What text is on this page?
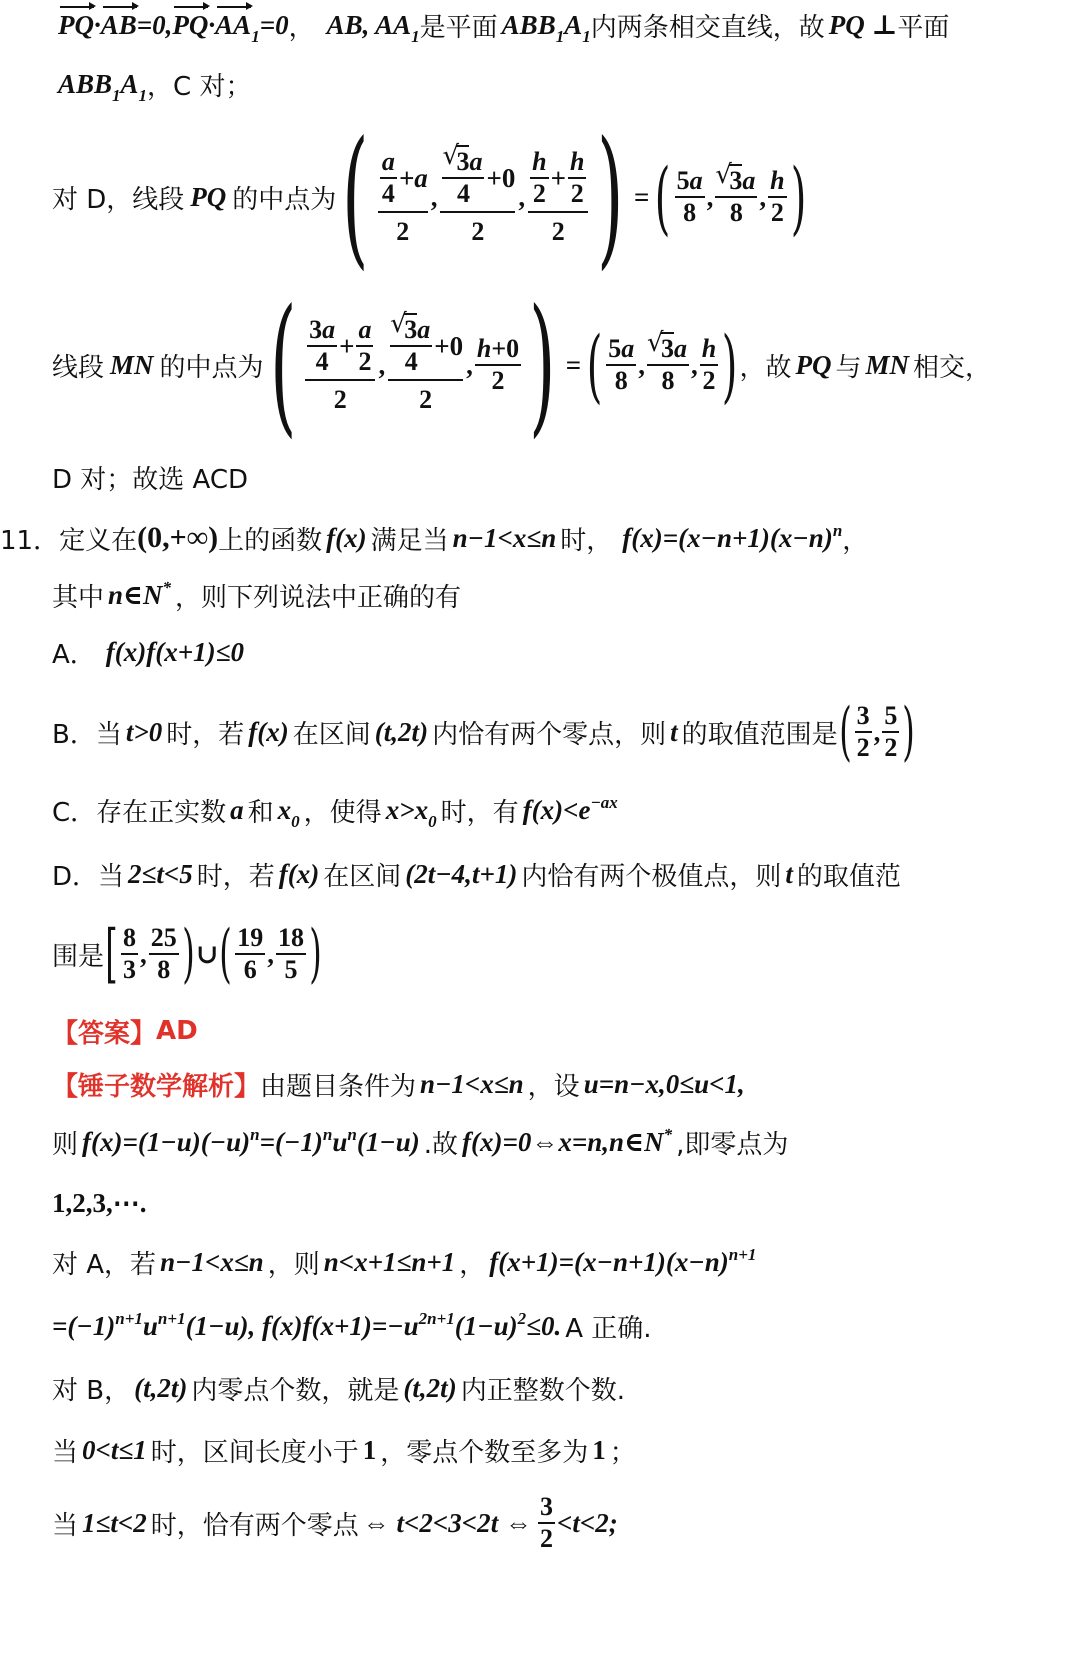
$PQ\cdot AB=0,PQ\cdot AA_1=0$ ， AB, $AA_1$ 是平面 $ABB_1A_1$ 内两条相交直线，故 PQ ⊥ 平面
$ABB_1A_1$ ，C 对；
对 D，线段 PQ 的中点为 ( $\frac{a}{4} +a$
2
, √ $\frac{3a}{4} +0$
2
, $\frac{h}{2} + \frac{h}{2}$
2 ) = ( $\frac{5a}{8}$ , √ $\frac{3a}{8}$ , $\frac{h}{2}$ )
线段 MN 的中点为 ( $\frac{3a}{4} + \frac{a}{2}$
2
, √ $\frac{3a}{4} +0$
2
, $\frac{h+0}{2}$ ) = ( $\frac{5a}{8}$ , √ $\frac{3a}{8}$ , $\frac{h}{2}$ ) ，故 PQ 与 MN 相交，
D 对；故选 ACD
11． 定义在 (0,+∞) 上的函数 f(x) 满足当 n−1<x≤n 时， $f(x)=(x-n+1)(x-n)^n$ ，
其中 n∈N* ，则下列说法中正确的有
A． f(x)f(x+1)≤0
B．当 t>0 时，若 f(x) 在区间 (t,2t) 内恰有两个零点，则 t 的取值范围是 ( $\frac{3}{2}$ , $\frac{5}{2}$ )
C．存在正实数 a 和 $x_0$ ，使得 $x>x_0$ 时，有 $f(x)<e^{-ax}$
D．当 2≤t<5 时，若 f(x) 在区间 (2t−4,t+1) 内恰有两个极值点，则 t 的取值范
围是 [ $\frac{8}{3}$ , $\frac{25}{8}$ ) ∪ ( $\frac{19}{6}$ , $\frac{18}{5}$ )
【答案】 AD
【锤子数学解析】 由题目条件为 n−1<x≤n ，设 u=n−x,0≤u<1,
则 $f(x)=(1-u)(-u)^n=(-1)^nu^n(1-u)$ .故 f(x)=0⇔x=n,n∈N* ,即零点为
1,2,3,⋯.
对 A，若 n−1<x≤n ，则 n<x+1≤n+1 ， $f(x+1)=(x-n+1)(x-n)^{n+1}$
$=(-1)^{n+1}u^{n+1}(1-u)$, $f(x)f(x+1)=-u^{2n+1}(1-u)^2\le 0$. A 正确.
对 B， (t,2t) 内零点个数，就是 (t,2t) 内正整数个数.
当 0<t≤1 时，区间长度小于 1 ，零点个数至多为 1 ；
当 1≤t<2 时，恰有两个零点 ⇔ t<2<3<2t ⇔ $\frac{3}{2} <t<2$;
